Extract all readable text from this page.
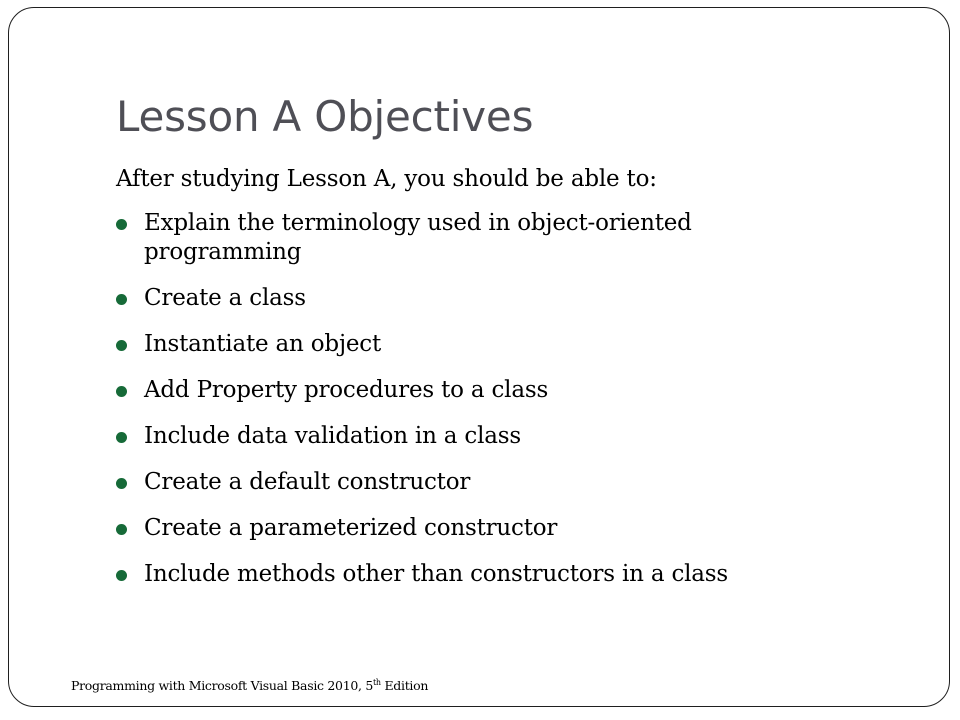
Lesson A Objectives
After studying Lesson A, you should be able to:
Explain the terminology used in object-oriented programming
Create a class
Instantiate an object
Add Property procedures to a class
Include data validation in a class
Create a default constructor
Create a parameterized constructor
Include methods other than constructors in a class
Programming with Microsoft Visual Basic 2010, 5th Edition
